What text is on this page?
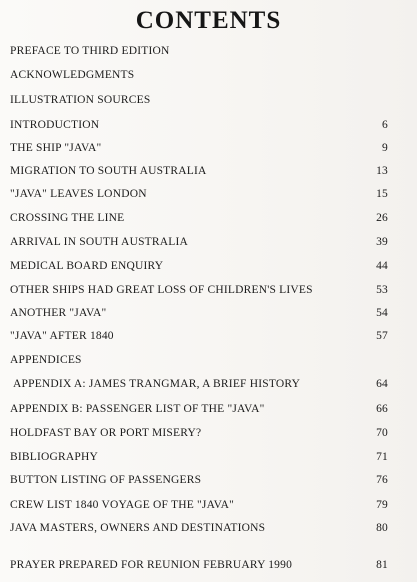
CONTENTS
PREFACE TO THIRD EDITION
ACKNOWLEDGMENTS
ILLUSTRATION SOURCES
INTRODUCTION	6
THE SHIP "JAVA"	9
MIGRATION TO SOUTH AUSTRALIA	13
"JAVA" LEAVES LONDON	15
CROSSING THE LINE	26
ARRIVAL IN SOUTH AUSTRALIA	39
MEDICAL BOARD ENQUIRY	44
OTHER SHIPS HAD GREAT LOSS OF CHILDREN'S LIVES	53
ANOTHER "JAVA"	54
"JAVA" AFTER 1840	57
APPENDICES
APPENDIX A: JAMES TRANGMAR, A BRIEF HISTORY	64
APPENDIX B: PASSENGER LIST OF THE "JAVA"	66
HOLDFAST BAY OR PORT MISERY?	70
BIBLIOGRAPHY	71
BUTTON LISTING OF PASSENGERS	76
CREW LIST 1840 VOYAGE OF THE "JAVA"	79
JAVA MASTERS, OWNERS AND DESTINATIONS	80
PRAYER PREPARED FOR REUNION FEBRUARY 1990	81
